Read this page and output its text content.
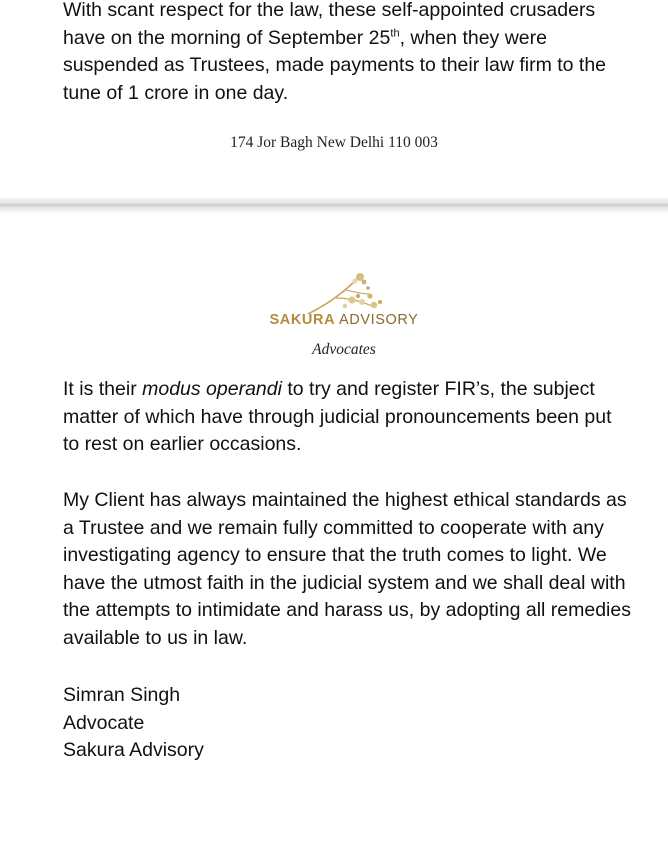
With scant respect for the law, these self-appointed crusaders have on the morning of September 25th, when they were suspended as Trustees, made payments to their law firm to the tune of 1 crore in one day.

174 Jor Bagh New Delhi 110 003
SAKURA ADVISORY
Advocates

It is their modus operandi to try and register FIR’s, the subject matter of which have through judicial pronouncements been put to rest on earlier occasions.

My Client has always maintained the highest ethical standards as a Trustee and we remain fully committed to cooperate with any investigating agency to ensure that the truth comes to light. We have the utmost faith in the judicial system and we shall deal with the attempts to intimidate and harass us, by adopting all remedies available to us in law.

Simran Singh
Advocate
Sakura Advisory
